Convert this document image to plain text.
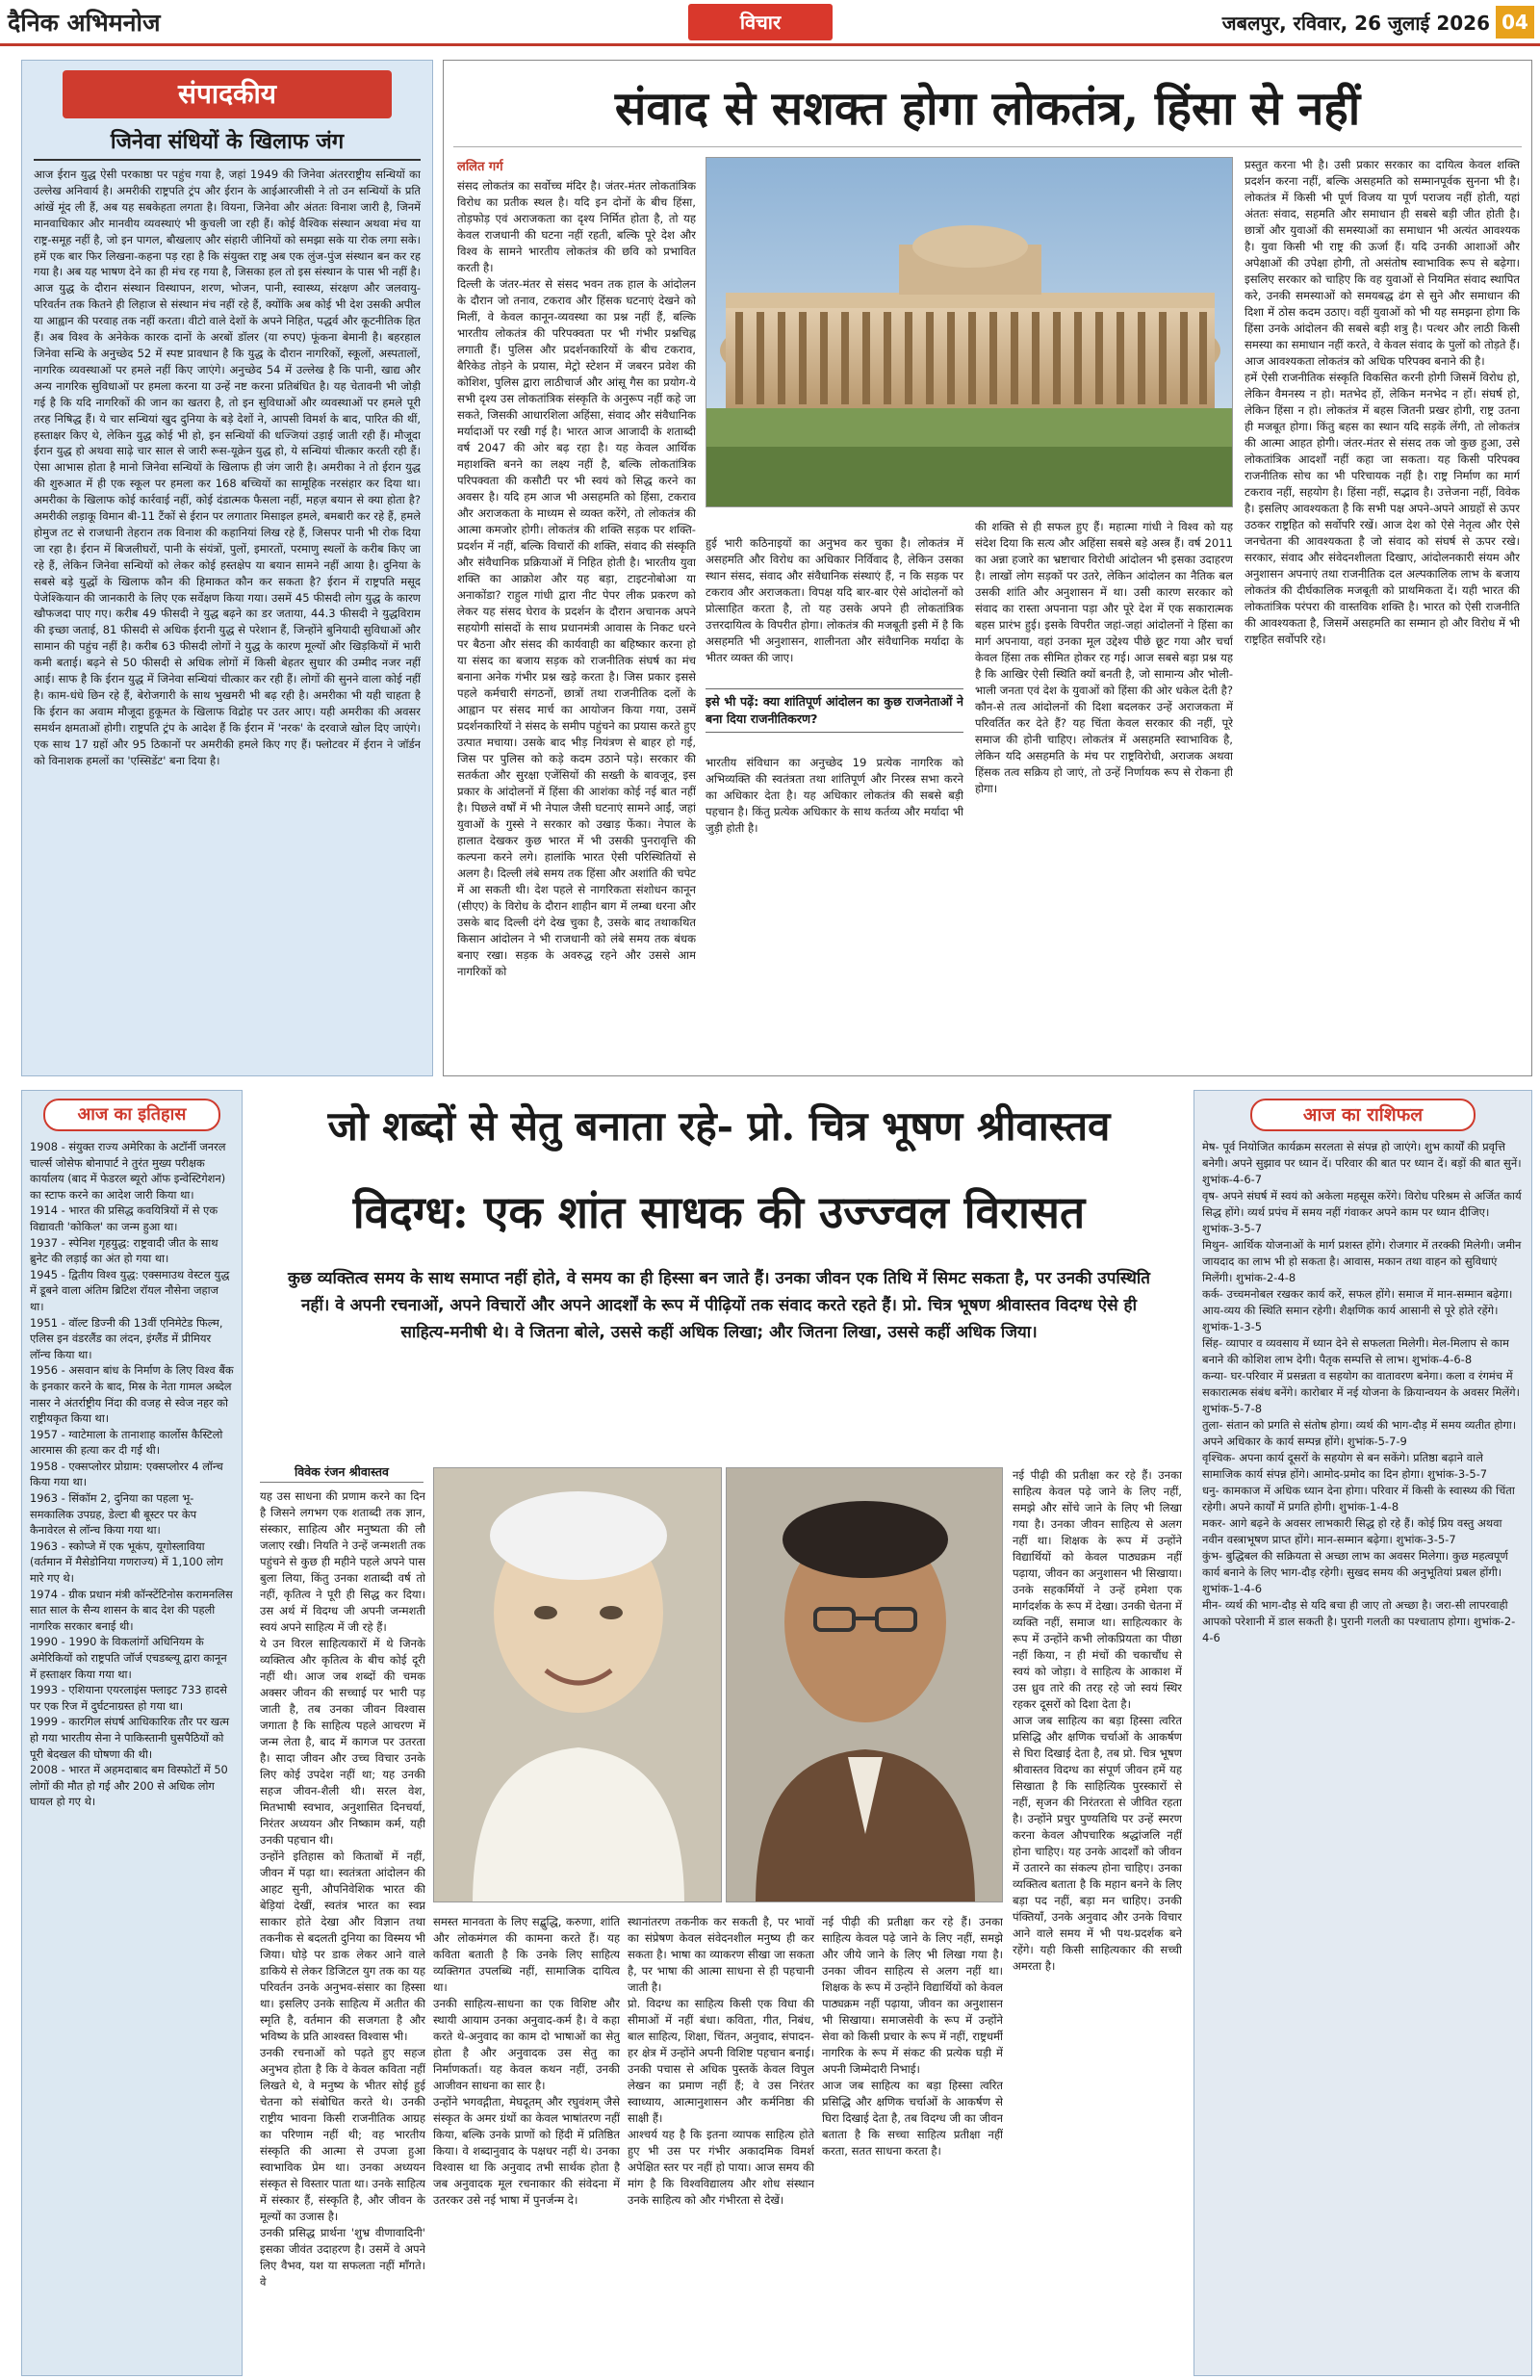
दैनिक अभिमनोज	विचार	जबलपुर, रविवार, 26 जुलाई 2026 04
संपादकीय
जिनेवा संधियों के खिलाफ जंग
आज ईरान युद्ध ऐसी परकाष्ठा पर पहुंच गया है, जहां 1949 की जिनेवा अंतरराष्ट्रीय सन्धियों का उल्लेख अनिवार्य है। अमरीकी राष्ट्रपति ट्रंप और ईरान के आईआरजीसी ने तो उन सन्धियों के प्रति आंखें मूंद ली हैं, अब यह सबकेहता लगता है। वियना, जिनेवा और अंततः विनाश जारी है, जिनमें मानवाधिकार और मानवीय व्यवस्थाएं भी कुचली जा रही हैं। कोई वैश्विक संस्थान अथवा मंच या राष्ट्र-समूह नहीं है, जो इन पागल, बौखलाए और संहारी जीनियों को समझा सके या रोक लगा सके। हमें एक बार फिर लिखना-कहना पड़ रहा है कि संयुक्त राष्ट्र अब एक लुंज-पुंज संस्थान बन कर रह गया है। अब यह भाषण देने का ही मंच रह गया है, जिसका हल तो इस संस्थान के पास भी नहीं है। आज युद्ध के दौरान संस्थान विस्थापन, शरण, भोजन, पानी, स्वास्थ्य, संरक्षण और जलवायु-परिवर्तन तक कितने ही लिहाज से संस्थान मंच नहीं रहे हैं, क्योंकि अब कोई भी देश उसकी अपील या आह्वान की परवाह तक नहीं करता। वीटो वाले देशों के अपने निहित, पद्धर्व और कूटनीतिक हित हैं। अब विश्व के अनेकेक कारक दानों के अरबों डॉलर (या रुपए) फूंकना बेमानी है। बहरहाल जिनेवा सन्धि के अनुच्छेद 52 में स्पष्ट प्रावधान है कि युद्ध के दौरान नागरिकों, स्कूलों, अस्पतालों, नागरिक व्यवस्थाओं पर हमले नहीं किए जाएंगे। अनुच्छेद 54 में उल्लेख है कि पानी, खाद्य और अन्य नागरिक सुविधाओं पर हमला करना या उन्हें नष्ट करना प्रतिबंधित है। यह चेतावनी भी जोड़ी गई है कि यदि नागरिकों की जान का खतरा है, तो इन सुविधाओं और व्यवस्थाओं पर हमले पूरी तरह निषिद्ध हैं। ये चार सन्धियां खुद दुनिया के बड़े देशों ने, आपसी विमर्श के बाद, पारित की थीं, हस्ताक्षर किए थे, लेकिन युद्ध कोई भी हो, इन सन्धियों की धज्जियां उड़ाई जाती रही हैं। मौजूदा ईरान युद्ध हो अथवा साढ़े चार साल से जारी रूस-यूक्रेन युद्ध हो, ये सन्धियां चीत्कार करती रही हैं। ऐसा आभास होता है मानो जिनेवा सन्धियों के खिलाफ ही जंग जारी है। अमरीका ने तो ईरान युद्ध की शुरुआत में ही एक स्कूल पर हमला कर 168 बच्चियों का सामूहिक नरसंहार कर दिया था। अमरीका के खिलाफ कोई कार्रवाई नहीं, कोई दंडात्मक फैसला नहीं, महज़ बयान से क्या होता है? अमरीकी लड़ाकू विमान बी-11 टैंकों से ईरान पर लगातार मिसाइल हमले, बमबारी कर रहे हैं, हमले होमुज तट से राजधानी तेहरान तक विनाश की कहानियां लिख रहे हैं, जिसपर पानी भी रोक दिया जा रहा है। ईरान में बिजलीघरों, पानी के संयंत्रों, पुलों, इमारतों, परमाणु स्थलों के करीब किए जा रहे हैं, लेकिन जिनेवा सन्धियों को लेकर कोई हस्तक्षेप या बयान सामने नहीं आया है। दुनिया के सबसे बड़े युद्धों के खिलाफ कौन की हिमाकत कौन कर सकता है? ईरान में राष्ट्रपति मसूद पेजेश्कियान की जानकारी के लिए एक सर्वेक्षण किया गया। उसमें 45 फीसदी लोग युद्ध के कारण खौफजदा पाए गए। करीब 49 फीसदी ने युद्ध बढ़ने का डर जताया, 44.3 फीसदी ने युद्धविराम की इच्छा जताई, 81 फीसदी से अधिक ईरानी युद्ध से परेशान हैं, जिन्होंने बुनियादी सुविधाओं और सामान की पहुंच नहीं है। करीब 63 फीसदी लोगों ने युद्ध के कारण मूल्यों और खिड़कियों में भारी कमी बताई। बढ़ने से 50 फीसदी से अधिक लोगों में किसी बेहतर सुधार की उम्मीद नजर नहीं आई। साफ है कि ईरान युद्ध में जिनेवा सन्धियां चीत्कार कर रही हैं। लोगों की सुनने वाला कोई नहीं है। काम-धंधे छिन रहे हैं, बेरोजगारी के साथ भुखमरी भी बढ़ रही है। अमरीका भी यही चाहता है कि ईरान का अवाम मौजूदा हुकूमत के खिलाफ विद्रोह पर उतर आए। यही अमरीका की अवसर समर्थन क्षमताओं होगी। राष्ट्रपति ट्रंप के आदेश हैं कि ईरान में 'नरक' के दरवाजे खोल दिए जाएंगे। एक साथ 17 ग्रहों और 95 ठिकानों पर अमरीकी हमले किए गए हैं। फ्लोटवर में ईरान ने जॉर्डन को विनाशक हमलों का 'एस्सिडेंट' बना दिया है।
संवाद से सशक्त होगा लोकतंत्र, हिंसा से नहीं
ललित गर्ग
संसद लोकतंत्र का सर्वोच्च मंदिर है। जंतर-मंतर लोकतांत्रिक विरोध का प्रतीक स्थल है। यदि इन दोनों के बीच हिंसा, तोड़फोड़ एवं अराजकता का दृश्य निर्मित होता है, तो यह केवल राजधानी की घटना नहीं रहती, बल्कि पूरे देश और विश्व के सामने भारतीय लोकतंत्र की छवि को प्रभावित करती है।
दिल्ली के जंतर-मंतर से संसद भवन तक हाल के आंदोलन के दौरान जो तनाव, टकराव और हिंसक घटनाएं देखने को मिलीं, वे केवल कानून-व्यवस्था का प्रश्न नहीं हैं, बल्कि भारतीय लोकतंत्र की परिपक्वता पर भी गंभीर प्रश्नचिह्न लगाती हैं। पुलिस और प्रदर्शनकारियों के बीच टकराव, बैरिकेड तोड़ने के प्रयास, मेट्रो स्टेशन में जबरन प्रवेश की कोशिश, पुलिस द्वारा लाठीचार्ज और आंसू गैस का प्रयोग-ये सभी दृश्य उस लोकतांत्रिक संस्कृति के अनुरूप नहीं कहे जा सकते, जिसकी आधारशिला अहिंसा, संवाद और संवैधानिक मर्यादाओं पर रखी गई है। भारत आज आजादी के शताब्दी वर्ष 2047 की ओर बढ़ रहा है। यह केवल आर्थिक महाशक्ति बनने का लक्ष्य नहीं है, बल्कि लोकतांत्रिक परिपक्वता की कसौटी पर भी स्वयं को सिद्ध करने का अवसर है। यदि हम आज भी असहमति को हिंसा, टकराव और अराजकता के माध्यम से व्यक्त करेंगे, तो लोकतंत्र की आत्मा कमजोर होगी। लोकतंत्र की शक्ति सड़क पर शक्ति-प्रदर्शन में नहीं, बल्कि विचारों की शक्ति, संवाद की संस्कृति और संवैधानिक प्रक्रियाओं में निहित होती है। भारतीय युवा शक्ति का आक्रोश और यह बड़ा, टाइटनोबोआ या अनाकोंडा? राहुल गांधी द्वारा नीट पेपर लीक प्रकरण को लेकर यह संसद घेराव के प्रदर्शन के दौरान अचानक अपने सहयोगी सांसदों के साथ प्रधानमंत्री आवास के निकट धरने पर बैठना और संसद की कार्यवाही का बहिष्कार करना हो या संसद का बजाय सड़क को राजनीतिक संघर्ष का मंच बनाना अनेक गंभीर प्रश्न खड़े करता है। जिस प्रकार इससे पहले कर्मचारी संगठनों, छात्रों तथा राजनीतिक दलों के आह्वान पर संसद मार्च का आयोजन किया गया, उसमें प्रदर्शनकारियों ने संसद के समीप पहुंचने का प्रयास करते हुए उत्पात मचाया। उसके बाद भीड़ नियंत्रण से बाहर हो गई, जिस पर पुलिस को कड़े कदम उठाने पड़े। सरकार की सतर्कता और सुरक्षा एजेंसियों की सख्ती के बावजूद, इस प्रकार के आंदोलनों में हिंसा की आशंका कोई नई बात नहीं है। पिछले वर्षों में भी नेपाल जैसी घटनाएं सामने आईं, जहां युवाओं के गुस्से ने सरकार को उखाड़ फेंका। नेपाल के हालात देखकर कुछ भारत में भी उसकी पुनरावृत्ति की कल्पना करने लगे। हालांकि भारत ऐसी परिस्थितियों से अलग है। दिल्ली लंबे समय तक हिंसा और अशांति की चपेट में आ सकती थी। देश पहले से नागरिकता संशोधन कानून (सीएए) के विरोध के दौरान शाहीन बाग में लम्बा धरना और उसके बाद दिल्ली दंगे देख चुका है, उसके बाद तथाकथित किसान आंदोलन ने भी राजधानी को लंबे समय तक बंधक बनाए रखा। सड़क के अवरुद्ध रहने और उससे आम नागरिकों को

हुई भारी कठिनाइयों का अनुभव कर चुका है। लोकतंत्र में असहमति और विरोध का अधिकार निर्विवाद है, लेकिन उसका स्थान संसद, संवाद और संवैधानिक संस्थाएं हैं, न कि सड़क पर टकराव और अराजकता। विपक्ष यदि बार-बार ऐसे आंदोलनों को प्रोत्साहित करता है, तो यह उसके अपने ही लोकतांत्रिक उत्तरदायित्व के विपरीत होगा। लोकतंत्र की मजबूती इसी में है कि असहमति भी अनुशासन, शालीनता और संवैधानिक मर्यादा के भीतर व्यक्त की जाए।

इसे भी पढ़ें: क्या शांतिपूर्ण आंदोलन का कुछ राजनेताओं ने बना दिया राजनीतिकरण?

भारतीय संविधान का अनुच्छेद 19 प्रत्येक नागरिक को अभिव्यक्ति की स्वतंत्रता तथा शांतिपूर्ण और निरस्त्र सभा करने का अधिकार देता है। यह अधिकार लोकतंत्र की सबसे बड़ी पहचान है। किंतु प्रत्येक अधिकार के साथ कर्तव्य और मर्यादा भी जुड़ी होती है।

की शक्ति से ही सफल हुए हैं। महात्मा गांधी ने विश्व को यह संदेश दिया कि सत्य और अहिंसा सबसे बड़े अस्त्र हैं। वर्ष 2011 का अन्ना हजारे का भ्रष्टाचार विरोधी आंदोलन भी इसका उदाहरण है। लाखों लोग सड़कों पर उतरे, लेकिन आंदोलन का नैतिक बल उसकी शांति और अनुशासन में था। उसी कारण सरकार को संवाद का रास्ता अपनाना पड़ा और पूरे देश में एक सकारात्मक बहस प्रारंभ हुई। इसके विपरीत जहां-जहां आंदोलनों ने हिंसा का मार्ग अपनाया, वहां उनका मूल उद्देश्य पीछे छूट गया और चर्चा केवल हिंसा तक सीमित होकर रह गई। आज सबसे बड़ा प्रश्न यह है कि आखिर ऐसी स्थिति क्यों बनती है, जो सामान्य और भोली-भाली जनता एवं देश के युवाओं को हिंसा की ओर धकेल देती है? कौन-से तत्व आंदोलनों की दिशा बदलकर उन्हें अराजकता में परिवर्तित कर देते हैं? यह चिंता केवल सरकार की नहीं, पूरे समाज की होनी चाहिए। लोकतंत्र में असहमति स्वाभाविक है, लेकिन यदि असहमति के मंच पर राष्ट्रविरोधी, अराजक अथवा हिंसक तत्व सक्रिय हो जाएं, तो उन्हें निर्णायक रूप से रोकना ही होगा।
प्रस्तुत करना भी है। उसी प्रकार सरकार का दायित्व केवल शक्ति प्रदर्शन करना नहीं, बल्कि असहमति को सम्मानपूर्वक सुनना भी है। लोकतंत्र में किसी भी पूर्ण विजय या पूर्ण पराजय नहीं होती, यहां अंततः संवाद, सहमति और समाधान ही सबसे बड़ी जीत होती है। छात्रों और युवाओं की समस्याओं का समाधान भी अत्यंत आवश्यक है। युवा किसी भी राष्ट्र की ऊर्जा हैं। यदि उनकी आशाओं और अपेक्षाओं की उपेक्षा होगी, तो असंतोष स्वाभाविक रूप से बढ़ेगा। इसलिए सरकार को चाहिए कि वह युवाओं से नियमित संवाद स्थापित करे, उनकी समस्याओं को समयबद्ध ढंग से सुने और समाधान की दिशा में ठोस कदम उठाए। वहीं युवाओं को भी यह समझना होगा कि हिंसा उनके आंदोलन की सबसे बड़ी शत्रु है। पत्थर और लाठी किसी समस्या का समाधान नहीं करते, वे केवल संवाद के पुलों को तोड़ते हैं। आज आवश्यकता लोकतंत्र को अधिक परिपक्व बनाने की है।
हमें ऐसी राजनीतिक संस्कृति विकसित करनी होगी जिसमें विरोध हो, लेकिन वैमनस्य न हो। मतभेद हों, लेकिन मनभेद न हों। संघर्ष हो, लेकिन हिंसा न हो। लोकतंत्र में बहस जितनी प्रखर होगी, राष्ट्र उतना ही मजबूत होगा। किंतु बहस का स्थान यदि सड़कें लेंगी, तो लोकतंत्र की आत्मा आहत होगी। जंतर-मंतर से संसद तक जो कुछ हुआ, उसे लोकतांत्रिक आदर्शों नहीं कहा जा सकता। यह किसी परिपक्व राजनीतिक सोच का भी परिचायक नहीं है। राष्ट्र निर्माण का मार्ग टकराव नहीं, सहयोग है। हिंसा नहीं, सद्भाव है। उत्तेजना नहीं, विवेक है। इसलिए आवश्यकता है कि सभी पक्ष अपने-अपने आग्रहों से ऊपर उठकर राष्ट्रहित को सर्वोपरि रखें। आज देश को ऐसे नेतृत्व और ऐसे जनचेतना की आवश्यकता है जो संवाद को संघर्ष से ऊपर रखे। सरकार, संवाद और संवेदनशीलता दिखाए, आंदोलनकारी संयम और अनुशासन अपनाएं तथा राजनीतिक दल अल्पकालिक लाभ के बजाय लोकतंत्र की दीर्घकालिक मजबूती को प्राथमिकता दें। यही भारत की लोकतांत्रिक परंपरा की वास्तविक शक्ति है। भारत को ऐसी राजनीति की आवश्यकता है, जिसमें असहमति का सम्मान हो और विरोध में भी राष्ट्रहित सर्वोपरि रहे।
आज का इतिहास
1908 - संयुक्त राज्य अमेरिका के अटॉर्नी जनरल चार्ल्स जोसेफ बोनापार्ट ने तुरंत मुख्य परीक्षक कार्यालय (बाद में फेडरल ब्यूरो ऑफ इन्वेस्टिगेशन) का स्टाफ करने का आदेश जारी किया था।
1914 - भारत की प्रसिद्ध कवयित्रियों में से एक विद्यावती 'कोकिल' का जन्म हुआ था।
1937 - स्पेनिश गृहयुद्ध: राष्ट्रवादी जीत के साथ ब्रुनेट की लड़ाई का अंत हो गया था।
1945 - द्वितीय विश्व युद्ध: एक्समाउथ वेस्टल युद्ध में डूबने वाला अंतिम ब्रिटिश रॉयल नौसेना जहाज था।
1951 - वॉल्ट डिज्नी की 13वीं एनिमेटेड फिल्म, एलिस इन वंडरलैंड का लंदन, इंग्लैंड में प्रीमियर लॉन्च किया था।
1956 - असवान बांध के निर्माण के लिए विश्व बैंक के इनकार करने के बाद, मिस्र के नेता गामल अब्देल नासर ने अंतर्राष्ट्रीय निंदा की वजह से स्वेज नहर को राष्ट्रीयकृत किया था।
1957 - ग्वाटेमाला के तानाशाह कार्लोस कैस्टिलो आरमास की हत्या कर दी गई थी।
1958 - एक्सप्लोरर प्रोग्राम: एक्सप्लोरर 4 लॉन्च किया गया था।
1963 - सिंकॉम 2, दुनिया का पहला भू-समकालिक उपग्रह, डेल्टा बी बूस्टर पर केप कैनावेरल से लॉन्च किया गया था।
1963 - स्कोप्जे में एक भूकंप, यूगोस्लाविया (वर्तमान में मैसेडोनिया गणराज्य) में 1,100 लोग मारे गए थे।
1974 - ग्रीक प्रधान मंत्री कॉन्स्टेंटिनोस करामनलिस सात साल के सैन्य शासन के बाद देश की पहली नागरिक सरकार बनाई थी।
1990 - 1990 के विकलांगों अधिनियम के अमेरिकियों को राष्ट्रपति जॉर्ज एचडब्ल्यू द्वारा कानून में हस्ताक्षर किया गया था।
1993 - एशियाना एयरलाइंस फ्लाइट 733 हादसे पर एक रिज में दुर्घटनाग्रस्त हो गया था।
1999 - कारगिल संघर्ष आधिकारिक तौर पर खत्म हो गया भारतीय सेना ने पाकिस्तानी घुसपैठियों को पूरी बेदखल की घोषणा की थी।
2008 - भारत में अहमदाबाद बम विस्फोटों में 50 लोगों की मौत हो गई और 200 से अधिक लोग घायल हो गए थे।
जो शब्दों से सेतु बनाता रहे- प्रो. चित्र भूषण श्रीवास्तव
विदग्ध: एक शांत साधक की उज्ज्वल विरासत
कुछ व्यक्तित्व समय के साथ समाप्त नहीं होते, वे समय का ही हिस्सा बन जाते हैं। उनका जीवन एक तिथि में सिमट सकता है, पर उनकी उपस्थिति नहीं। वे अपनी रचनाओं, अपने विचारों और अपने आदर्शों के रूप में पीढ़ियों तक संवाद करते रहते हैं। प्रो. चित्र भूषण श्रीवास्तव विदग्ध ऐसे ही साहित्य-मनीषी थे। वे जितना बोले, उससे कहीं अधिक लिखा; और जितना लिखा, उससे कहीं अधिक जिया।
विवेक रंजन श्रीवास्तव
यह उस साधना की प्रणाम करने का दिन है जिसने लगभग एक शताब्दी तक ज्ञान, संस्कार, साहित्य और मनुष्यता की लौ जलाए रखी। नियति ने उन्हें जन्मशती तक पहुंचने से कुछ ही महीने पहले अपने पास बुला लिया, किंतु उनका शताब्दी वर्ष तो नहीं, कृतित्व ने पूरी ही सिद्ध कर दिया। उस अर्थ में विदग्ध जी अपनी जन्मशती स्वयं अपने साहित्य में जी रहे हैं।
ये उन विरल साहित्यकारों में थे जिनके व्यक्तित्व और कृतित्व के बीच कोई दूरी नहीं थी। आज जब शब्दों की चमक अक्सर जीवन की सच्चाई पर भारी पड़ जाती है, तब उनका जीवन विश्वास जगाता है कि साहित्य पहले आचरण में जन्म लेता है, बाद में कागज पर उतरता है। सादा जीवन और उच्च विचार उनके लिए कोई उपदेश नहीं था; यह उनकी सहज जीवन-शैली थी। सरल वेश, मितभाषी स्वभाव, अनुशासित दिनचर्या, निरंतर अध्ययन और निष्काम कर्म, यही उनकी पहचान थी।
उन्होंने इतिहास को किताबों में नहीं, जीवन में पढ़ा था। स्वतंत्रता आंदोलन की आहट सुनी, औपनिवेशिक भारत की बेड़ियां देखीं, स्वतंत्र भारत का स्वप्न साकार होते देखा और विज्ञान तथा तकनीक से बदलती दुनिया का विस्मय भी जिया। घोड़े पर डाक लेकर आने वाले डाकिये से लेकर डिजिटल युग तक का यह परिवर्तन उनके अनुभव-संसार का हिस्सा था। इसलिए उनके साहित्य में अतीत की स्मृति है, वर्तमान की सजगता है और भविष्य के प्रति आश्वस्त विश्वास भी।
उनकी रचनाओं को पढ़ते हुए सहज अनुभव होता है कि वे केवल कविता नहीं लिखते थे, वे मनुष्य के भीतर सोई हुई चेतना को संबोधित करते थे। उनकी राष्ट्रीय भावना किसी राजनीतिक आग्रह का परिणाम नहीं थी; वह भारतीय संस्कृति की आत्मा से उपजा हुआ स्वाभाविक प्रेम था। उनका अध्ययन संस्कृत से विस्तार पाता था। उनके साहित्य में संस्कार हैं, संस्कृति है, और जीवन के मूल्यों का उजास है।
उनकी प्रसिद्ध प्रार्थना 'शुभ्र वीणावादिनी' इसका जीवंत उदाहरण है। उसमें वे अपने लिए वैभव, यश या सफलता नहीं माँगते। वे
समस्त मानवता के लिए सद्बुद्धि, करुणा, शांति और लोकमंगल की कामना करते हैं। यह कविता बताती है कि उनके लिए साहित्य व्यक्तिगत उपलब्धि नहीं, सामाजिक दायित्व था।
उनकी साहित्य-साधना का एक विशिष्ट और स्थायी आयाम उनका अनुवाद-कर्म है। वे कहा करते थे-अनुवाद का काम दो भाषाओं का सेतु होता है और अनुवादक उस सेतु का निर्माणकर्ता। यह केवल कथन नहीं, उनकी आजीवन साधना का सार है।
उन्होंने भगवद्गीता, मेघदूतम् और रघुवंशम् जैसे संस्कृत के अमर ग्रंथों का केवल भाषांतरण नहीं किया, बल्कि उनके प्राणों को हिंदी में प्रतिष्ठित किया। वे शब्दानुवाद के पक्षधर नहीं थे। उनका विश्वास था कि अनुवाद तभी सार्थक होता है जब अनुवादक मूल रचनाकार की संवेदना में उतरकर उसे नई भाषा में पुनर्जन्म दे।
स्थानांतरण तकनीक कर सकती है, पर भावों का संप्रेषण केवल संवेदनशील मनुष्य ही कर सकता है। भाषा का व्याकरण सीखा जा सकता है, पर भाषा की आत्मा साधना से ही पहचानी जाती है।
प्रो. विदग्ध का साहित्य किसी एक विधा की सीमाओं में नहीं बंधा। कविता, गीत, निबंध, बाल साहित्य, शिक्षा, चिंतन, अनुवाद, संपादन-हर क्षेत्र में उन्होंने अपनी विशिष्ट पहचान बनाई। उनकी पचास से अधिक पुस्तकें केवल विपुल लेखन का प्रमाण नहीं हैं; वे उस निरंतर स्वाध्याय, आत्मानुशासन और कर्मनिष्ठा की साक्षी हैं।
आश्चर्य यह है कि इतना व्यापक साहित्य होते हुए भी उस पर गंभीर अकादमिक विमर्श अपेक्षित स्तर पर नहीं हो पाया। आज समय की मांग है कि विश्वविद्यालय और शोध संस्थान उनके साहित्य को और गंभीरता से देखें।
नई पीढ़ी की प्रतीक्षा कर रहे हैं। उनका साहित्य केवल पढ़े जाने के लिए नहीं, समझे और जीये जाने के लिए भी लिखा गया है। उनका जीवन साहित्य से अलग नहीं था। शिक्षक के रूप में उन्होंने विद्यार्थियों को केवल पाठ्यक्रम नहीं पढ़ाया, जीवन का अनुशासन भी सिखाया। समाजसेवी के रूप में उन्होंने सेवा को किसी प्रचार के रूप में नहीं, राष्ट्रधर्मी नागरिक के रूप में संकट की प्रत्येक घड़ी में अपनी जिम्मेदारी निभाई।
आज जब साहित्य का बड़ा हिस्सा त्वरित प्रसिद्धि और क्षणिक चर्चाओं के आकर्षण से घिरा दिखाई देता है, तब विदग्ध जी का जीवन बताता है कि सच्चा साहित्य प्रतीक्षा नहीं करता, सतत साधना करता है।
नई पीढ़ी की प्रतीक्षा कर रहे हैं। उनका साहित्य केवल पढ़े जाने के लिए नहीं, समझे और सोंचे जाने के लिए भी लिखा गया है। उनका जीवन साहित्य से अलग नहीं था। शिक्षक के रूप में उन्होंने विद्यार्थियों को केवल पाठ्यक्रम नहीं पढ़ाया, जीवन का अनुशासन भी सिखाया। उनके सहकर्मियों ने उन्हें हमेशा एक मार्गदर्शक के रूप में देखा। उनकी चेतना में व्यक्ति नहीं, समाज था। साहित्यकार के रूप में उन्होंने कभी लोकप्रियता का पीछा नहीं किया, न ही मंचों की चकाचौंध से स्वयं को जोड़ा। वे साहित्य के आकाश में उस ध्रुव तारे की तरह रहे जो स्वयं स्थिर रहकर दूसरों को दिशा देता है।
आज जब साहित्य का बड़ा हिस्सा त्वरित प्रसिद्धि और क्षणिक चर्चाओं के आकर्षण से घिरा दिखाई देता है, तब प्रो. चित्र भूषण श्रीवास्तव विदग्ध का संपूर्ण जीवन हमें यह सिखाता है कि साहित्यिक पुरस्कारों से नहीं, सृजन की निरंतरता से जीवित रहता है। उन्होंने प्रचुर पुण्यतिथि पर उन्हें स्मरण करना केवल औपचारिक श्रद्धांजलि नहीं होना चाहिए। यह उनके आदर्शों को जीवन में उतारने का संकल्प होना चाहिए। उनका व्यक्तित्व बताता है कि महान बनने के लिए बड़ा पद नहीं, बड़ा मन चाहिए। उनकी पंक्तियाँ, उनके अनुवाद और उनके विचार आने वाले समय में भी पथ-प्रदर्शक बने रहेंगे। यही किसी साहित्यकार की सच्ची अमरता है।
आज का राशिफल
मेष- पूर्व नियोजित कार्यक्रम सरलता से संपन्न हो जाएंगे। शुभ कार्यों की प्रवृत्ति बनेगी। अपने सुझाव पर ध्यान दें। परिवार की बात पर ध्यान दें। बड़ों की बात सुनें। शुभांक-4-6-7
वृष- अपने संघर्ष में स्वयं को अकेला महसूस करेंगे। विरोध परिश्रम से अर्जित कार्य सिद्ध होंगे। व्यर्थ प्रपंच में समय नहीं गंवाकर अपने काम पर ध्यान दीजिए। शुभांक-3-5-7
मिथुन- आर्थिक योजनाओं के मार्ग प्रशस्त होंगे। रोजगार में तरक्की मिलेगी। जमीन जायदाद का लाभ भी हो सकता है। आवास, मकान तथा वाहन को सुविधाएं मिलेंगी। शुभांक-2-4-8
कर्क- उच्चमनोबल रखकर कार्य करें, सफल होंगे। समाज में मान-सम्मान बढ़ेगा। आय-व्यय की स्थिति समान रहेगी। शैक्षणिक कार्य आसानी से पूरे होते रहेंगे। शुभांक-1-3-5
सिंह- व्यापार व व्यवसाय में ध्यान देने से सफलता मिलेगी। मेल-मिलाप से काम बनाने की कोशिश लाभ देगी। पैतृक सम्पत्ति से लाभ। शुभांक-4-6-8
कन्या- घर-परिवार में प्रसन्नता व सहयोग का वातावरण बनेगा। कला व रंगमंच में सकारात्मक संबंध बनेंगे। कारोबार में नई योजना के क्रियान्वयन के अवसर मिलेंगे। शुभांक-5-7-8
तुला- संतान को प्रगति से संतोष होगा। व्यर्थ की भाग-दौड़ में समय व्यतीत होगा। अपने अधिकार के कार्य सम्पन्न होंगे। शुभांक-5-7-9
वृश्चिक- अपना कार्य दूसरों के सहयोग से बन सकेंगे। प्रतिष्ठा बढ़ाने वाले सामाजिक कार्य संपन्न होंगे। आमोद-प्रमोद का दिन होगा। शुभांक-3-5-7
धनु- कामकाज में अधिक ध्यान देना होगा। परिवार में किसी के स्वास्थ्य की चिंता रहेगी। अपने कार्यों में प्रगति होगी। शुभांक-1-4-8
मकर- आगे बढ़ने के अवसर लाभकारी सिद्ध हो रहे हैं। कोई प्रिय वस्तु अथवा नवीन वस्त्राभूषण प्राप्त होंगे। मान-सम्मान बढ़ेगा। शुभांक-3-5-7
कुंभ- बुद्धिबल की सक्रियता से अच्छा लाभ का अवसर मिलेगा। कुछ महत्वपूर्ण कार्य बनाने के लिए भाग-दौड़ रहेगी। सुखद समय की अनुभूतियां प्रबल होंगी। शुभांक-1-4-6
मीन- व्यर्थ की भाग-दौड़ से यदि बचा ही जाए तो अच्छा है। जरा-सी लापरवाही आपको परेशानी में डाल सकती है। पुरानी गलती का पश्चाताप होगा। शुभांक-2-4-6
